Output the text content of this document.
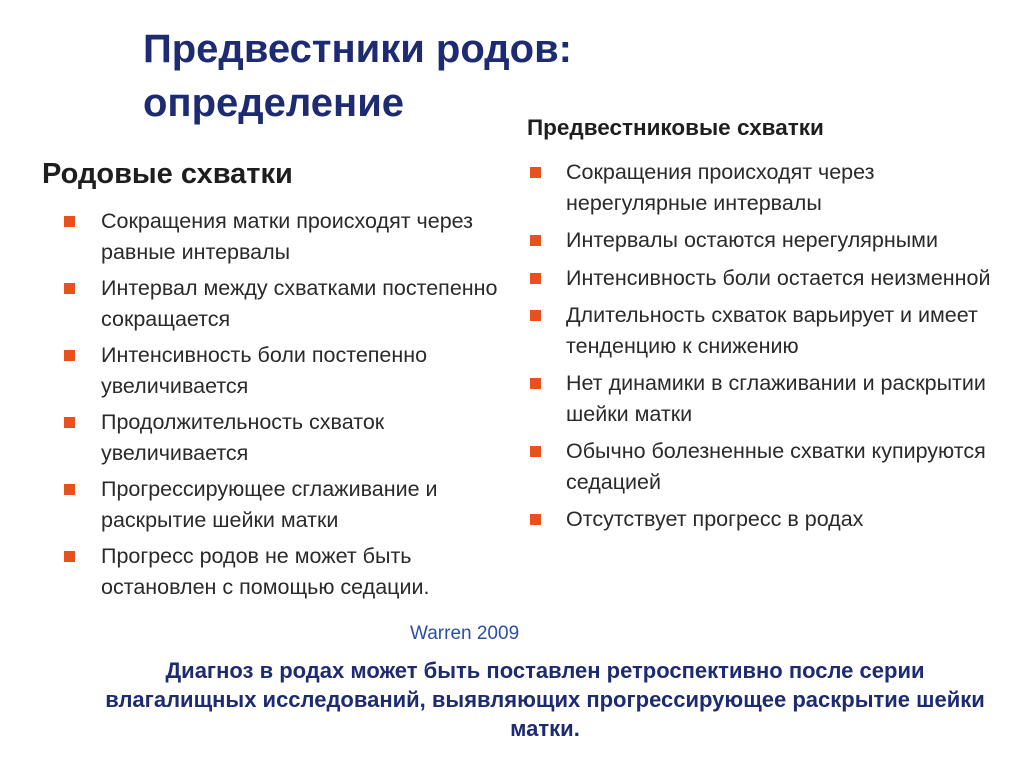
Предвестники родов: определение
Родовые схватки
Сокращения матки происходят через равные интервалы
Интервал между схватками постепенно сокращается
Интенсивность боли постепенно увеличивается
Продолжительность схваток увеличивается
Прогрессирующее сглаживание и раскрытие шейки матки
Прогресс родов не может быть остановлен с помощью седации.
Предвестниковые схватки
Сокращения происходят через нерегулярные интервалы
Интервалы остаются нерегулярными
Интенсивность боли остается неизменной
Длительность схваток варьирует и имеет тенденцию к снижению
Нет динамики в сглаживании и раскрытии шейки матки
Обычно болезненные схватки купируются седацией
Отсутствует прогресс в родах

Warren 2009

Диагноз в родах может быть поставлен ретроспективно после серии влагалищных исследований, выявляющих прогрессирующее раскрытие шейки матки.
